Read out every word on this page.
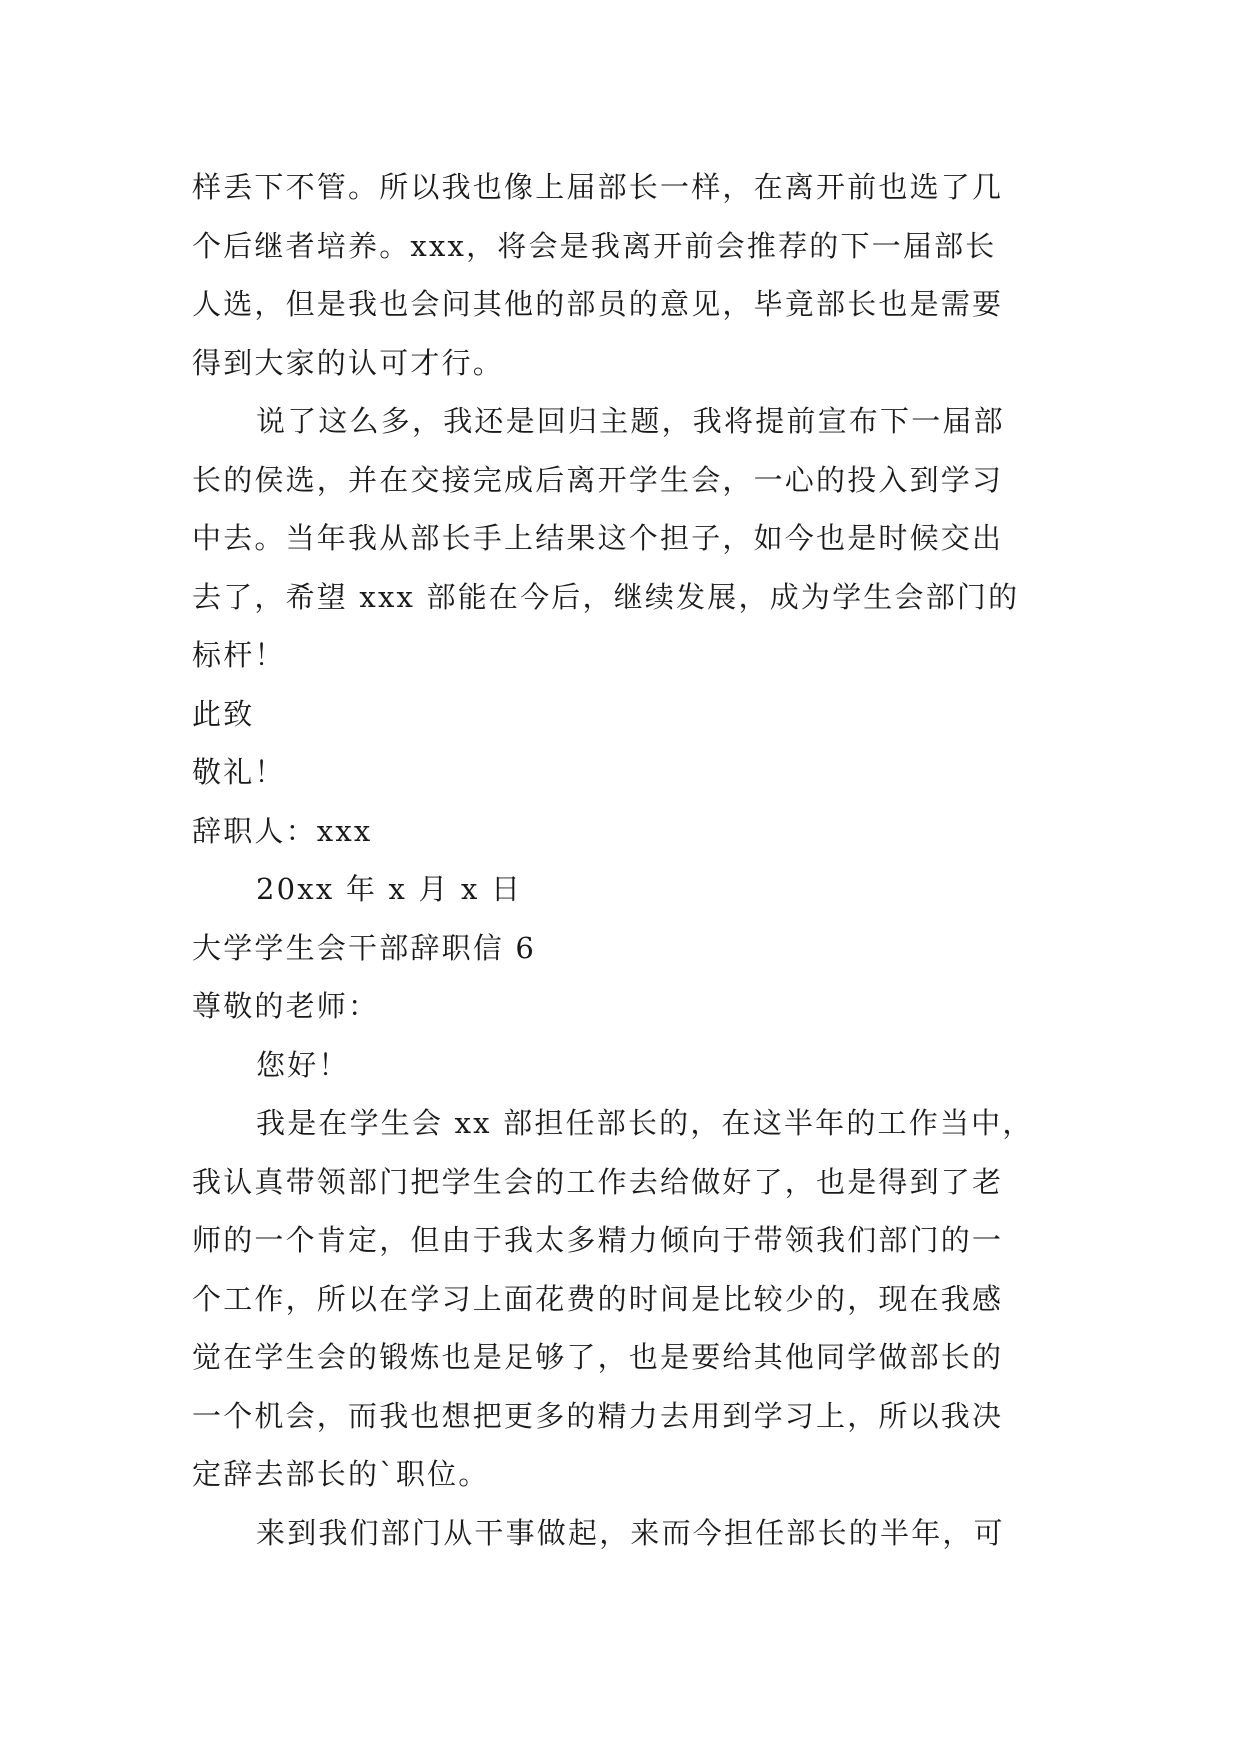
样丢下不管。所以我也像上届部长一样，在离开前也选了几
个后继者培养。xxx，将会是我离开前会推荐的下一届部长
人选，但是我也会问其他的部员的意见，毕竟部长也是需要
得到大家的认可才行。
说了这么多，我还是回归主题，我将提前宣布下一届部
长的侯选，并在交接完成后离开学生会，一心的投入到学习
中去。当年我从部长手上结果这个担子，如今也是时候交出
去了，希望 xxx 部能在今后，继续发展，成为学生会部门的
标杆！
此致
敬礼！
辞职人：xxx
20xx 年 x 月 x 日
大学学生会干部辞职信 6
尊敬的老师：
您好！
我是在学生会 xx 部担任部长的，在这半年的工作当中，
我认真带领部门把学生会的工作去给做好了，也是得到了老
师的一个肯定，但由于我太多精力倾向于带领我们部门的一
个工作，所以在学习上面花费的时间是比较少的，现在我感
觉在学生会的锻炼也是足够了，也是要给其他同学做部长的
一个机会，而我也想把更多的精力去用到学习上，所以我决
定辞去部长的`职位。
来到我们部门从干事做起，来而今担任部长的半年，可
